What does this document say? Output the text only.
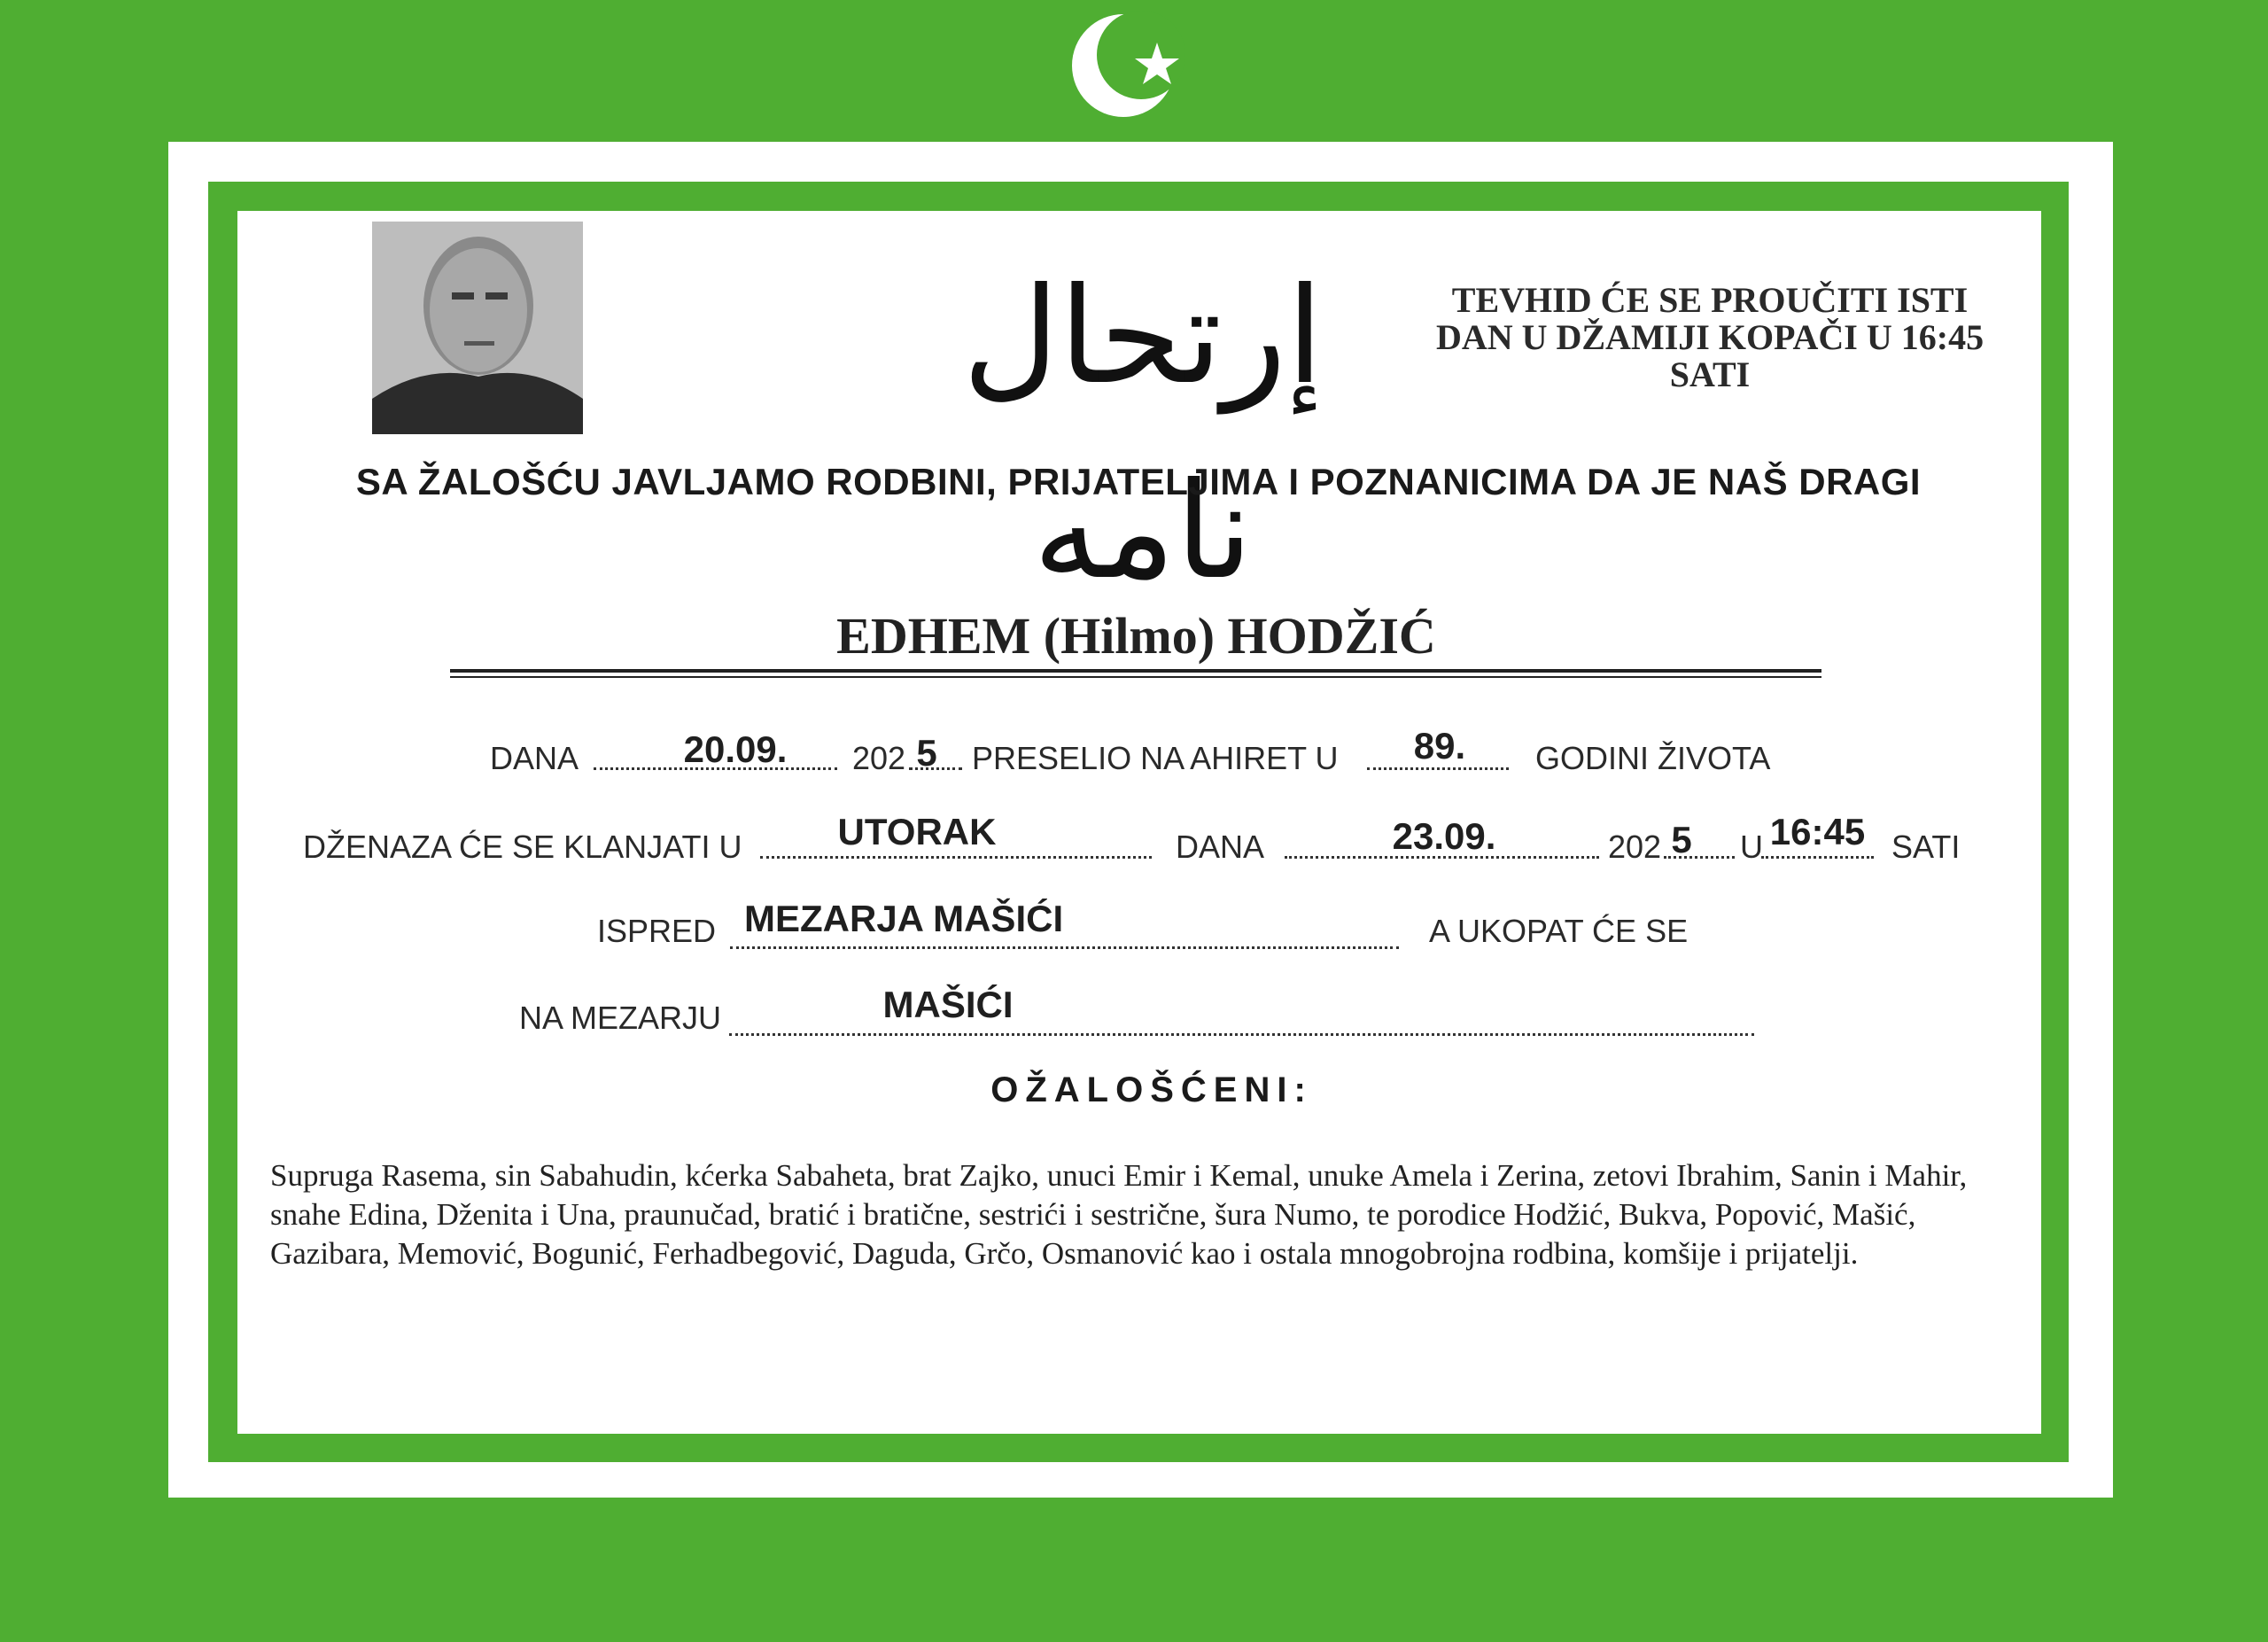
إرتحال نامه
TEVHID ĆE SE PROUČITI ISTI
DAN U DŽAMIJI KOPAČI U 16:45
SATI
SA ŽALOŠĆU JAVLJAMO RODBINI, PRIJATELJIMA I POZNANICIMA DA JE NAŠ DRAGI
EDHEM (Hilmo) HODŽIĆ
DANA	20.09.	202 5 PRESELIO NA AHIRET U	89.	GODINI ŽIVOTA
DŽENAZA ĆE SE KLANJATI U	UTORAK	DANA	23.09.	202 5 U 16:45 SATI
ISPRED MEZARJA MAŠIĆI	A UKOPAT ĆE SE
NA MEZARJU	MAŠIĆI
OŽALOŠĆENI:
Supruga Rasema, sin Sabahudin, kćerka Sabaheta, brat Zajko, unuci Emir i Kemal, unuke Amela i Zerina, zetovi Ibrahim, Sanin i Mahir, snahe Edina, Dženita i Una, praunučad, bratić i bratične, sestrići i sestrične, šura Numo, te porodice Hodžić, Bukva, Popović, Mašić, Gazibara, Memović, Bogunić, Ferhadbegović, Daguda, Grčo, Osmanović kao i ostala mnogobrojna rodbina, komšije i prijatelji.
